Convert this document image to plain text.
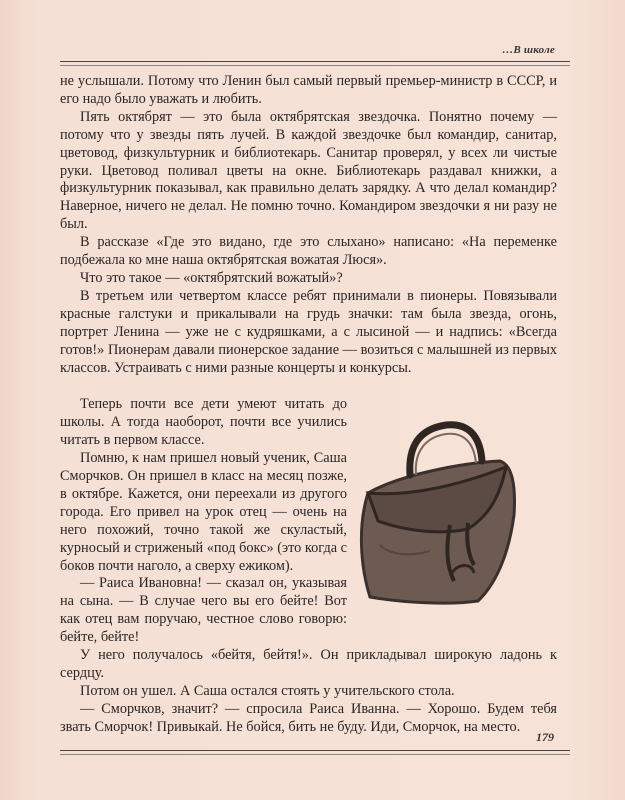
…В школе

не услышали. Потому что Ленин был самый первый премьер-министр в СССР, и его надо было уважать и любить.

Пять октябрят — это была октябрятская звездочка. Понятно почему — потому что у звезды пять лучей. В каждой звездочке был командир, санитар, цветовод, физкультурник и библиотекарь. Санитар проверял, у всех ли чистые руки. Цветовод поливал цветы на окне. Библиотекарь раздавал книжки, а физкультурник показывал, как правильно делать зарядку. А что делал командир? Наверное, ничего не делал. Не помню точно. Командиром звездочки я ни разу не был.

В рассказе «Где это видано, где это слыхано» написано: «На переменке подбежала ко мне наша октябрятская вожатая Люся».

Что это такое — «октябрятский вожатый»?

В третьем или четвертом классе ребят принимали в пионеры. Повязывали красные галстуки и прикалывали на грудь значки: там была звезда, огонь, портрет Ленина — уже не с кудряшками, а с лысиной — и надпись: «Всегда готов!» Пионерам давали пионерское задание — возиться с малышней из первых классов. Устраивать с ними разные концерты и конкурсы.

Теперь почти все дети умеют читать до школы. А тогда наоборот, почти все учились читать в первом классе.

Помню, к нам пришел новый ученик, Саша Сморчков. Он пришел в класс на месяц позже, в октябре. Кажется, они переехали из другого города. Его привел на урок отец — очень на него похожий, точно такой же скуластый, курносый и стриженый «под бокс» (это когда с боков почти наголо, а сверху ежиком).

— Раиса Ивановна! — сказал он, указывая на сына. — В случае чего вы его бейте! Вот как отец вам поручаю, честное слово говорю: бейте, бейте!

У него получалось «бейтя, бейтя!». Он прикладывал широкую ладонь к сердцу.

Потом он ушел. А Саша остался стоять у учительского стола.

— Сморчков, значит? — спросила Раиса Иванна. — Хорошо. Будем тебя звать Сморчок! Привыкай. Не бойся, бить не буду. Иди, Сморчок, на место.

179
